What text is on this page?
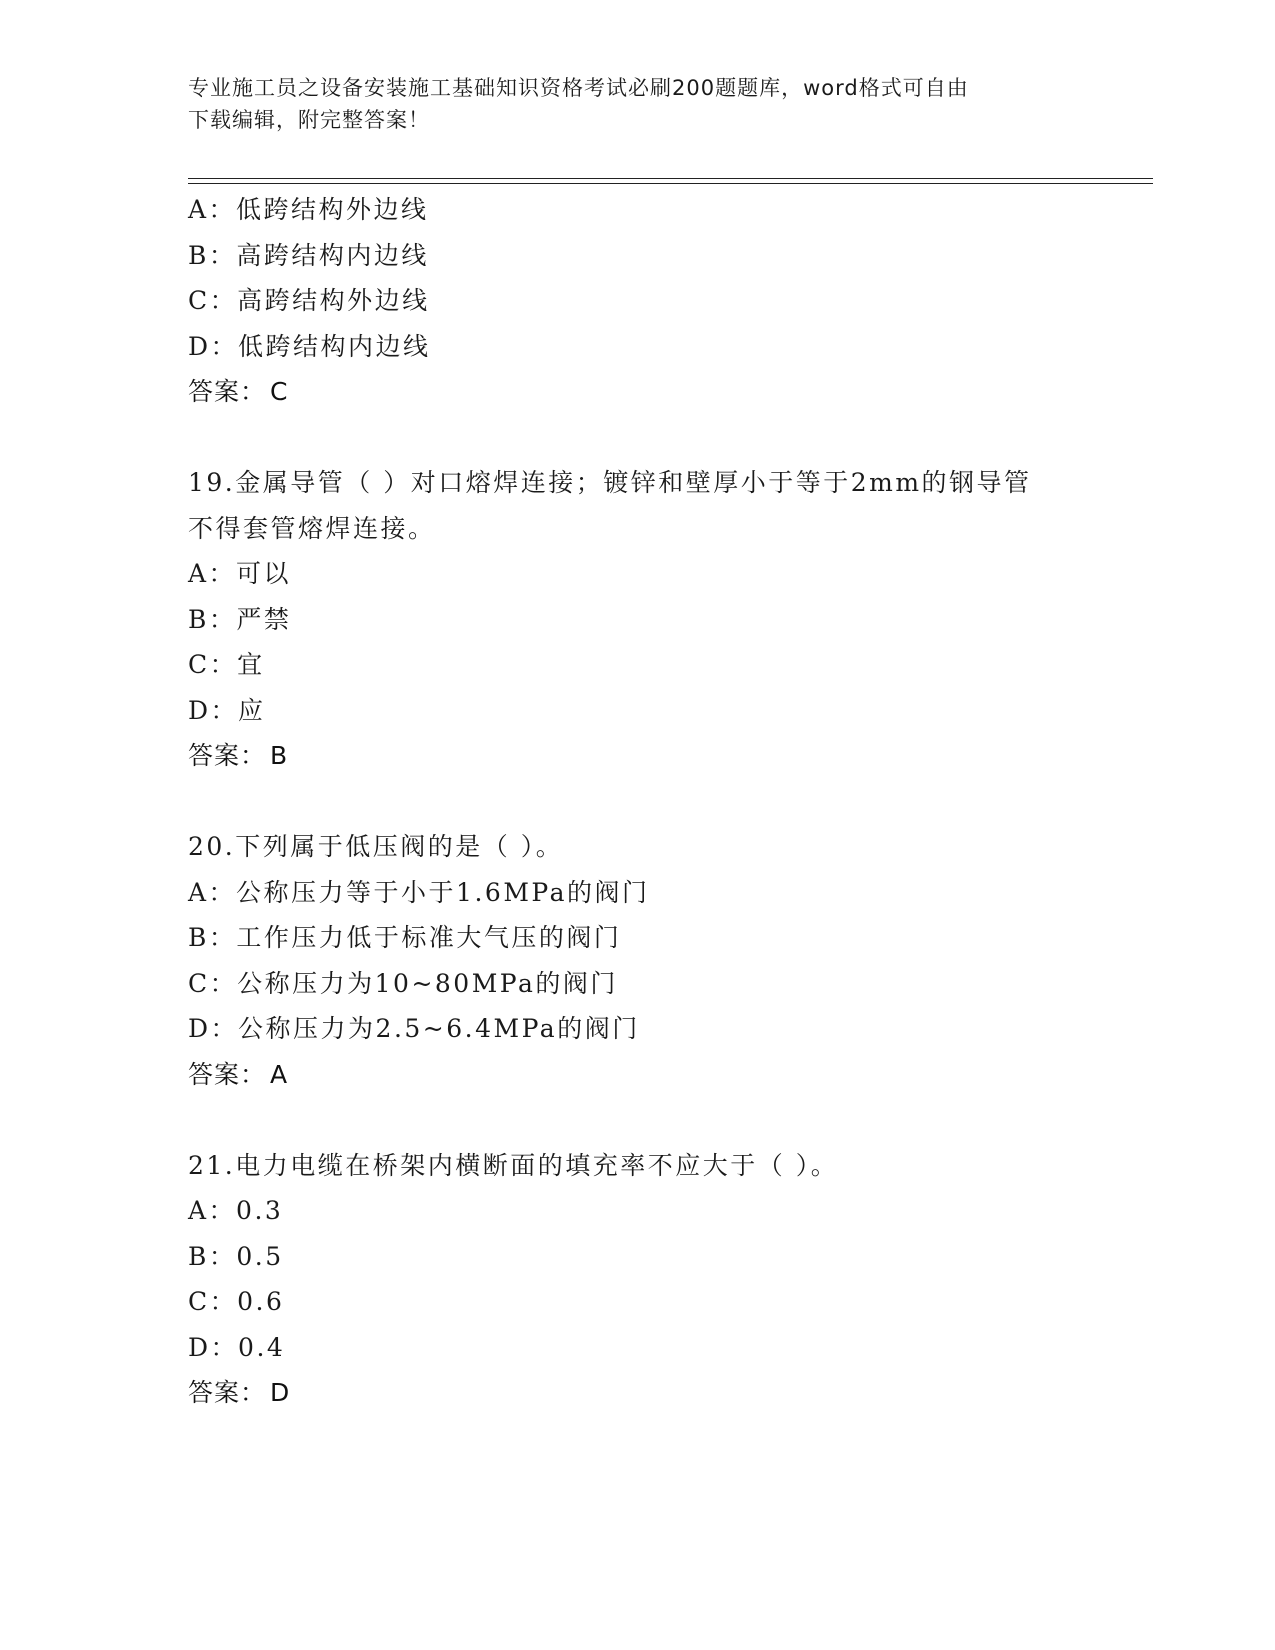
专业施工员之设备安装施工基础知识资格考试必刷200题题库，word格式可自由
下载编辑，附完整答案！
A：低跨结构外边线
B：高跨结构内边线
C：高跨结构外边线
D：低跨结构内边线
答案： C
19.金属导管（ ）对口熔焊连接；镀锌和壁厚小于等于2mm的钢导管
不得套管熔焊连接。
A：可以
B：严禁
C：宜
D：应
答案： B
20.下列属于低压阀的是（ ）。
A：公称压力等于小于1.6MPa的阀门
B：工作压力低于标准大气压的阀门
C：公称压力为10~80MPa的阀门
D：公称压力为2.5~6.4MPa的阀门
答案： A
21.电力电缆在桥架内横断面的填充率不应大于（ ）。
A：0.3
B：0.5
C：0.6
D：0.4
答案： D
